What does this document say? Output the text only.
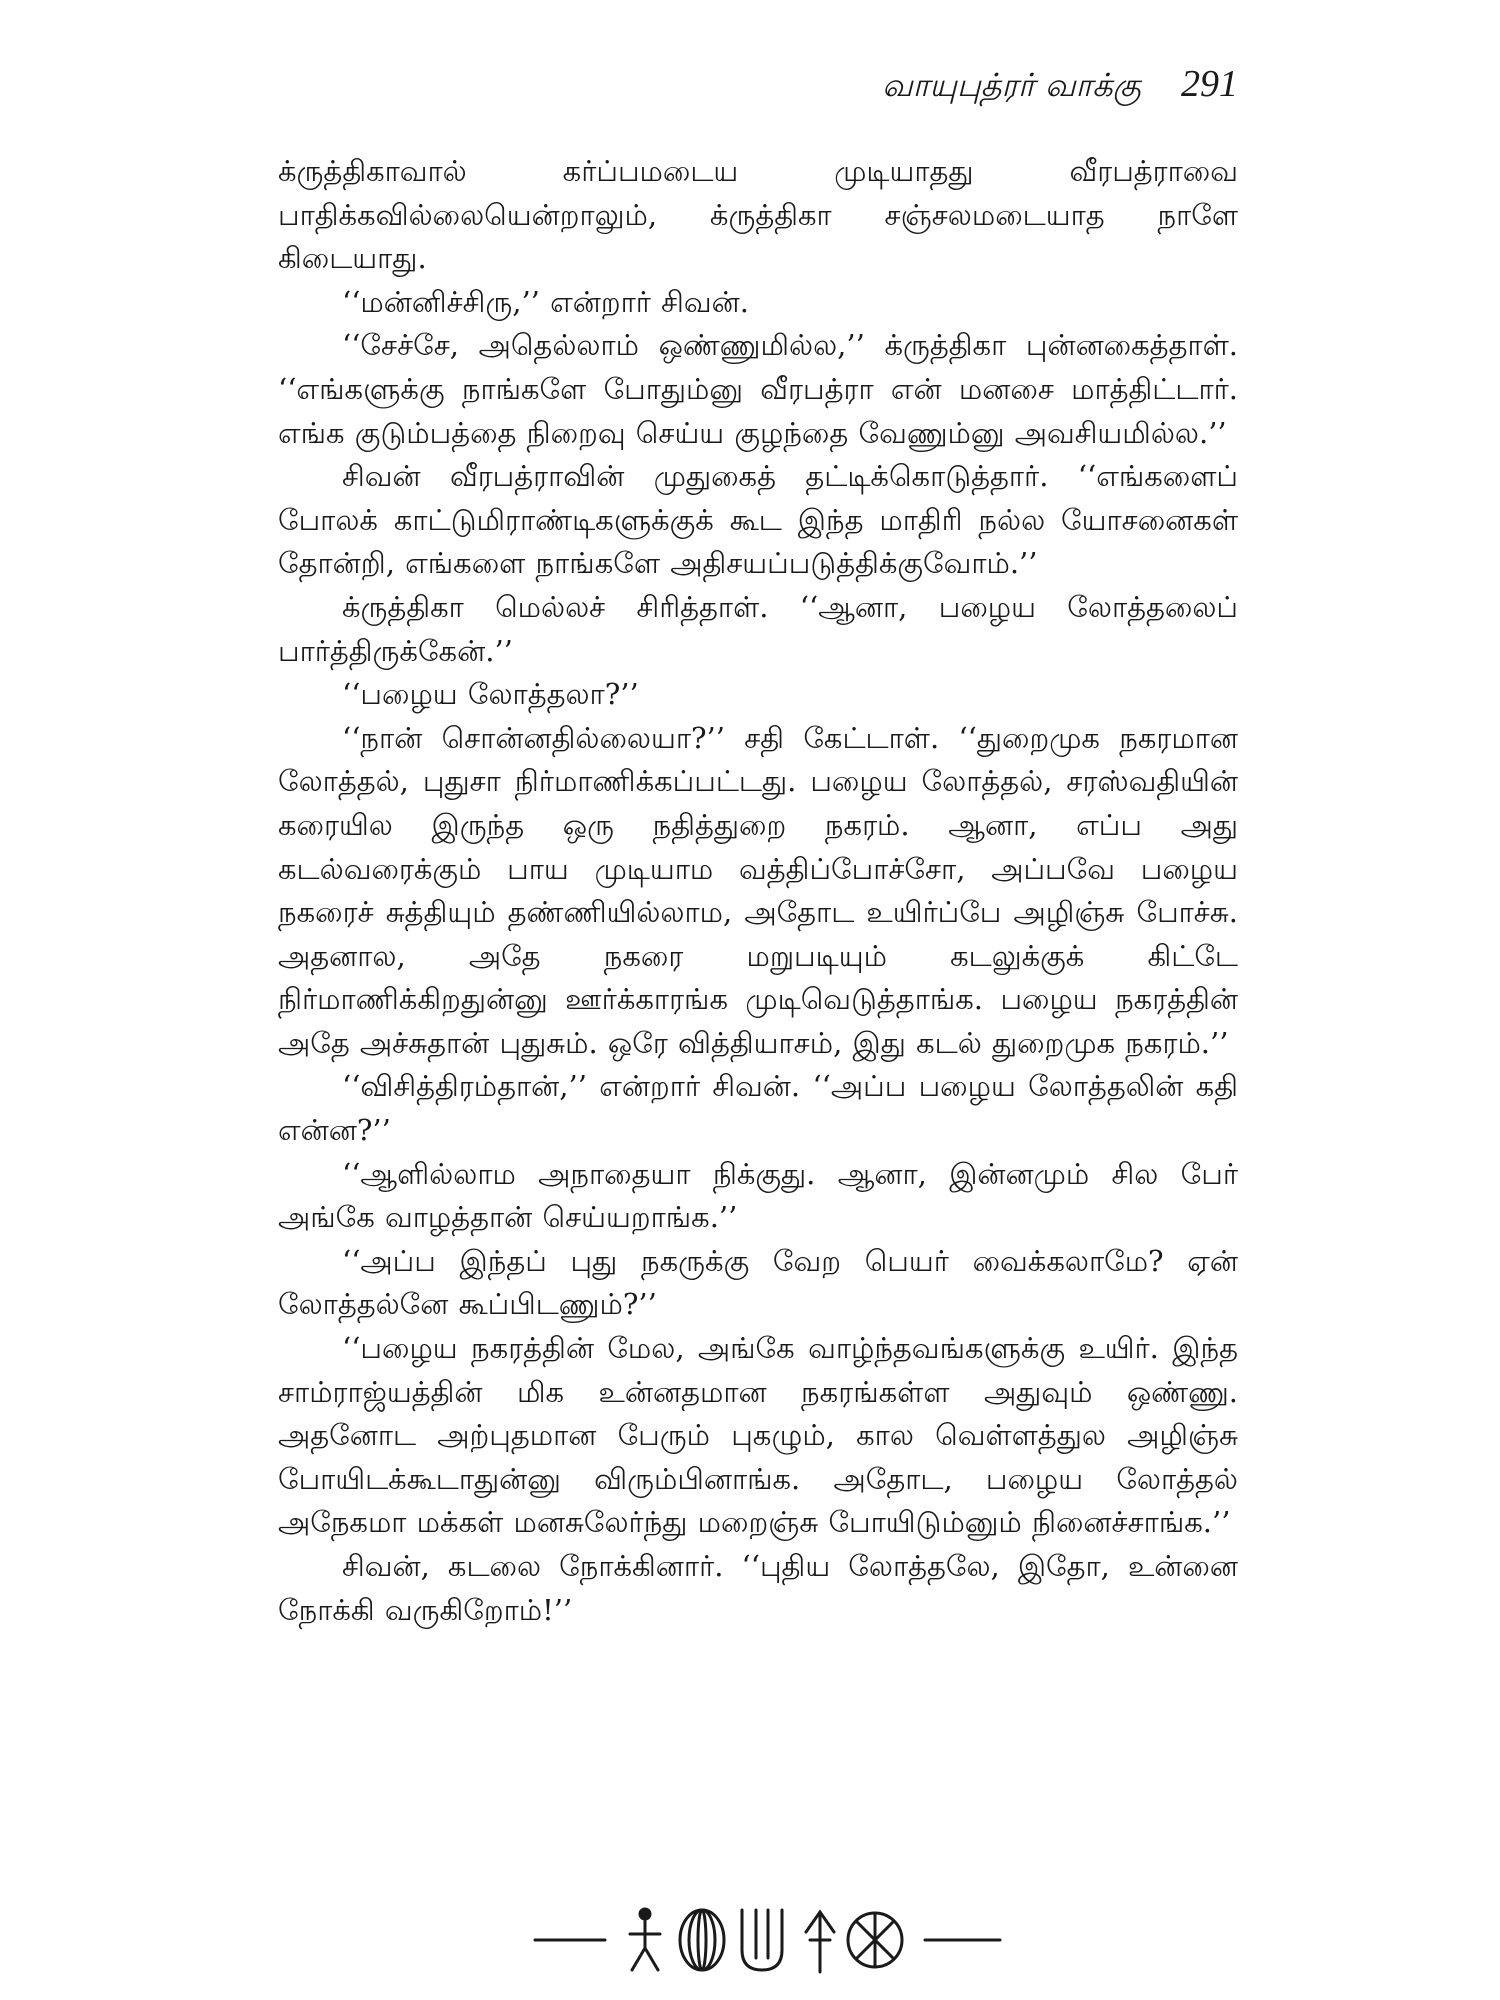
வாயுபுத்ரர் வாக்கு 291

க்ருத்திகாவால் கர்ப்பமடைய முடியாதது வீரபத்ராவை பாதிக்கவில்லையென்றாலும், க்ருத்திகா சஞ்சலமடையாத நாளே கிடையாது.

‘‘மன்னிச்சிரு,’’ என்றார் சிவன்.

‘‘சேச்சே, அதெல்லாம் ஒண்ணுமில்ல,’’ க்ருத்திகா புன்னகைத்தாள். ‘‘எங்களுக்கு நாங்களே போதும்னு வீரபத்ரா என் மனசை மாத்திட்டார். எங்க குடும்பத்தை நிறைவு செய்ய குழந்தை வேணும்னு அவசியமில்ல.’’

சிவன் வீரபத்ராவின் முதுகைத் தட்டிக்கொடுத்தார். ‘‘எங்களைப் போலக் காட்டுமிராண்டிகளுக்குக் கூட இந்த மாதிரி நல்ல யோசனைகள் தோன்றி, எங்களை நாங்களே அதிசயப்படுத்திக்குவோம்.’’

க்ருத்திகா மெல்லச் சிரித்தாள். ‘‘ஆனா, பழைய லோத்தலைப் பார்த்திருக்கேன்.’’

‘‘பழைய லோத்தலா?’’

‘‘நான் சொன்னதில்லையா?’’ சதி கேட்டாள். ‘‘துறைமுக நகரமான லோத்தல், புதுசா நிர்மாணிக்கப்பட்டது. பழைய லோத்தல், சரஸ்வதியின் கரையில இருந்த ஒரு நதித்துறை நகரம். ஆனா, எப்ப அது கடல்வரைக்கும் பாய முடியாம வத்திப்போச்சோ, அப்பவே பழைய நகரைச் சுத்தியும் தண்ணியில்லாம, அதோட உயிர்ப்பே அழிஞ்சு போச்சு. அதனால, அதே நகரை மறுபடியும் கடலுக்குக் கிட்டே நிர்மாணிக்கிறதுன்னு ஊர்க்காரங்க முடிவெடுத்தாங்க. பழைய நகரத்தின் அதே அச்சுதான் புதுசும். ஒரே வித்தியாசம், இது கடல் துறைமுக நகரம்.’’

‘‘விசித்திரம்தான்,’’ என்றார் சிவன். ‘‘அப்ப பழைய லோத்தலின் கதி என்ன?’’

‘‘ஆளில்லாம அநாதையா நிக்குது. ஆனா, இன்னமும் சில பேர் அங்கே வாழத்தான் செய்யறாங்க.’’

‘‘அப்ப இந்தப் புது நகருக்கு வேற பெயர் வைக்கலாமே? ஏன் லோத்தல்னே கூப்பிடணும்?’’

‘‘பழைய நகரத்தின் மேல, அங்கே வாழ்ந்தவங்களுக்கு உயிர். இந்த சாம்ராஜ்யத்தின் மிக உன்னதமான நகரங்கள்ள அதுவும் ஒண்ணு. அதனோட அற்புதமான பேரும் புகழும், கால வெள்ளத்துல அழிஞ்சு போயிடக்கூடாதுன்னு விரும்பினாங்க. அதோட, பழைய லோத்தல் அநேகமா மக்கள் மனசுலேர்ந்து மறைஞ்சு போயிடும்னும் நினைச்சாங்க.’’

சிவன், கடலை நோக்கினார். ‘‘புதிய லோத்தலே, இதோ, உன்னை நோக்கி வருகிறோம்!’’
